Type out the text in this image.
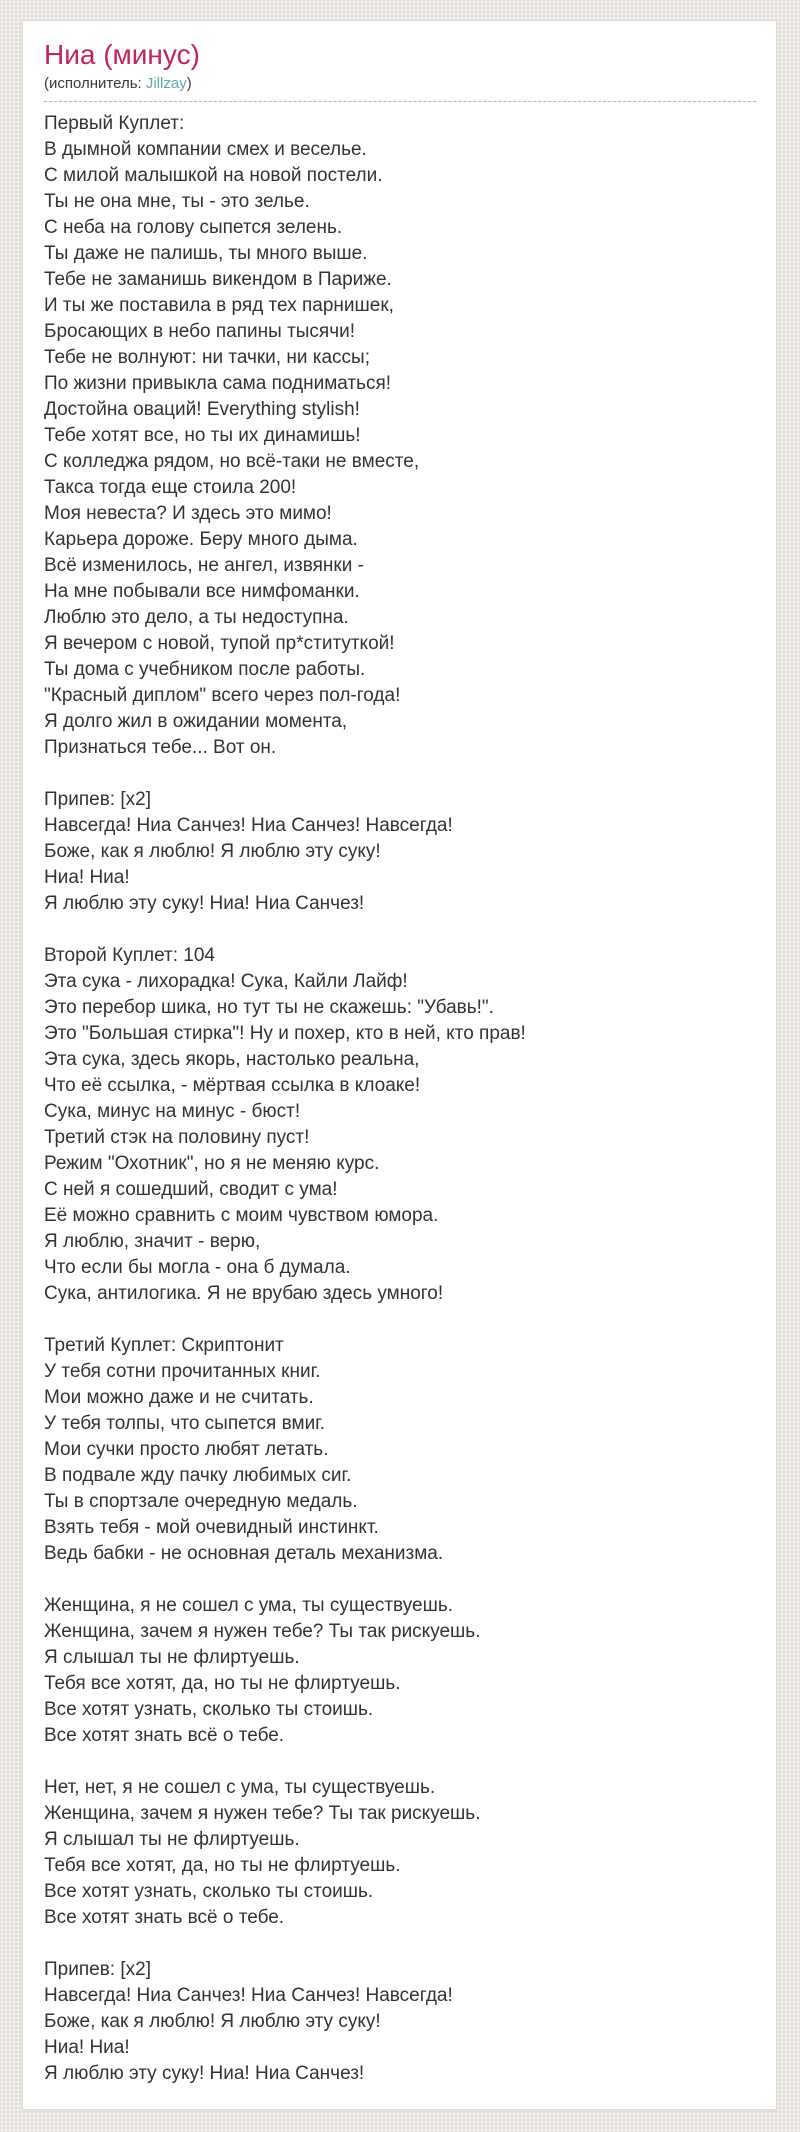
Ниа (минус)
(исполнитель: Jillzay)
Первый Куплет:
В дымной компании смех и веселье.
С милой малышкой на новой постели.
Ты не она мне, ты - это зелье.
С неба на голову сыпется зелень.
Ты даже не палишь, ты много выше.
Тебе не заманишь викендом в Париже.
И ты же поставила в ряд тех парнишек,
Бросающих в небо папины тысячи!
Тебе не волнуют: ни тачки, ни кассы;
По жизни привыкла сама подниматься!
Достойна оваций! Everything stylish!
Тебе хотят все, но ты их динамишь!
С колледжа рядом, но всё-таки не вместе,
Такса тогда еще стоила 200!
Моя невеста? И здесь это мимо!
Карьера дороже. Беру много дыма.
Всё изменилось, не ангел, извянки -
На мне побывали все нимфоманки.
Люблю это дело, а ты недоступна.
Я вечером с новой, тупой пр*ституткой!
Ты дома с учебником после работы.
"Красный диплом" всего через пол-года!
Я долго жил в ожидании момента,
Признаться тебе... Вот он.
Припев: [x2]
Навсегда! Ниа Санчез! Ниа Санчез! Навсегда!
Боже, как я люблю! Я люблю эту суку!
Ниа! Ниа!
Я люблю эту суку! Ниа! Ниа Санчез!
Второй Куплет: 104
Эта сука - лихорадка! Сука, Кайли Лайф!
Это перебор шика, но тут ты не скажешь: "Убавь!".
Это "Большая стирка"! Ну и похер, кто в ней, кто прав!
Эта сука, здесь якорь, настолько реальна,
Что её ссылка, - мёртвая ссылка в клоаке!
Сука, минус на минус - бюст!
Третий стэк на половину пуст!
Режим "Охотник", но я не меняю курс.
С ней я сошедший, сводит с ума!
Её можно сравнить с моим чувством юмора.
Я люблю, значит - верю,
Что если бы могла - она б думала.
Сука, антилогика. Я не врубаю здесь умного!
Третий Куплет: Скриптонит
У тебя сотни прочитанных книг.
Мои можно даже и не считать.
У тебя толпы, что сыпется вмиг.
Мои сучки просто любят летать.
В подвале жду пачку любимых сиг.
Ты в спортзале очередную медаль.
Взять тебя - мой очевидный инстинкт.
Ведь бабки - не основная деталь механизма.
Женщина, я не сошел с ума, ты существуешь.
Женщина, зачем я нужен тебе? Ты так рискуешь.
Я слышал ты не флиртуешь.
Тебя все хотят, да, но ты не флиртуешь.
Все хотят узнать, сколько ты стоишь.
Все хотят знать всё о тебе.
Нет, нет, я не сошел с ума, ты существуешь.
Женщина, зачем я нужен тебе? Ты так рискуешь.
Я слышал ты не флиртуешь.
Тебя все хотят, да, но ты не флиртуешь.
Все хотят узнать, сколько ты стоишь.
Все хотят знать всё о тебе.
Припев: [x2]
Навсегда! Ниа Санчез! Ниа Санчез! Навсегда!
Боже, как я люблю! Я люблю эту суку!
Ниа! Ниа!
Я люблю эту суку! Ниа! Ниа Санчез!
